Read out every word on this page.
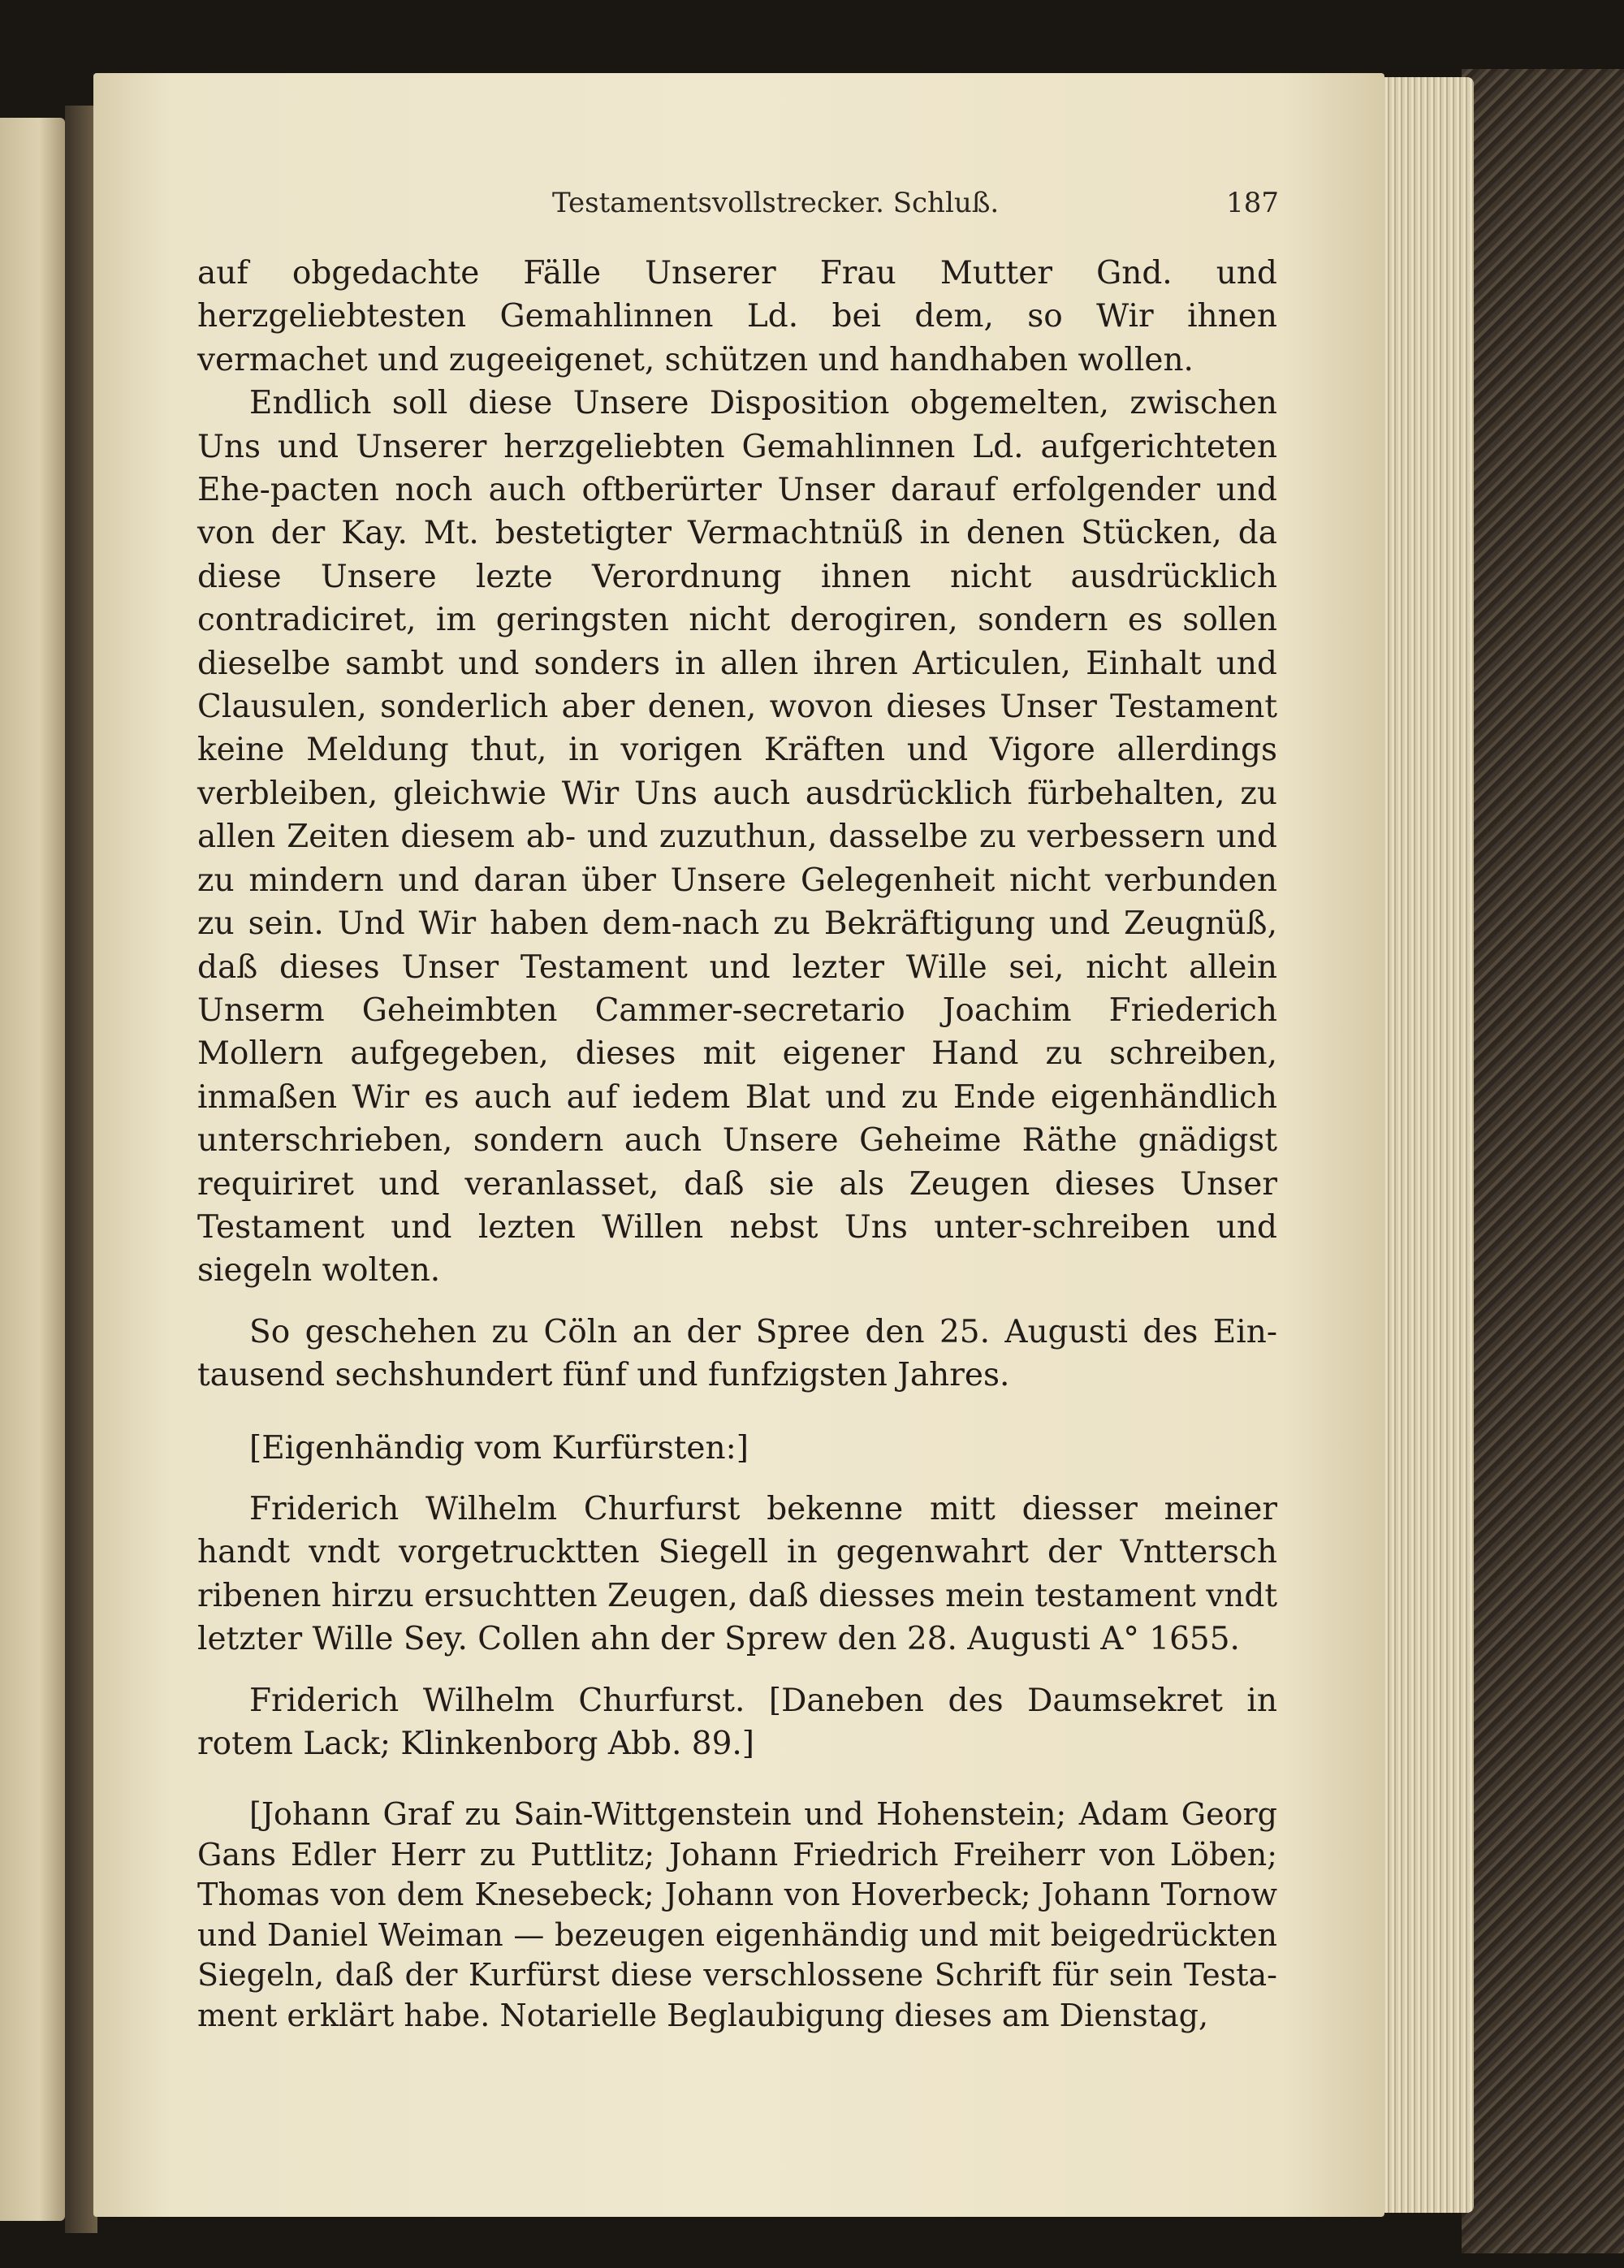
Testamentsvollstrecker. Schluß.	187

auf obgedachte Fälle Unserer Frau Mutter Gnd. und herzgeliebtesten Gemahlinnen Ld. bei dem, so Wir ihnen vermachet und zugeeigenet, schützen und handhaben wollen.

Endlich soll diese Unsere Disposition obgemelten, zwischen Uns und Unserer herzgeliebten Gemahlinnen Ld. aufgerichteten Ehe-pacten noch auch oftberürter Unser darauf erfolgender und von der Kay. Mt. bestetigter Vermachtnüß in denen Stücken, da diese Unsere lezte Verordnung ihnen nicht ausdrücklich contradiciret, im geringsten nicht derogiren, sondern es sollen dieselbe sambt und sonders in allen ihren Articulen, Einhalt und Clausulen, sonderlich aber denen, wovon dieses Unser Testament keine Meldung thut, in vorigen Kräften und Vigore allerdings verbleiben, gleichwie Wir Uns auch ausdrücklich fürbehalten, zu allen Zeiten diesem ab- und zuzuthun, dasselbe zu verbessern und zu mindern und daran über Unsere Gelegenheit nicht verbunden zu sein. Und Wir haben dem-nach zu Bekräftigung und Zeugnüß, daß dieses Unser Testament und lezter Wille sei, nicht allein Unserm Geheimbten Cammer-secretario Joachim Friederich Mollern aufgegeben, dieses mit eigener Hand zu schreiben, inmaßen Wir es auch auf iedem Blat und zu Ende eigenhändlich unterschrieben, sondern auch Unsere Geheime Räthe gnädigst requiriret und veranlasset, daß sie als Zeugen dieses Unser Testament und lezten Willen nebst Uns unter-schreiben und siegeln wolten.

So geschehen zu Cöln an der Spree den 25. Augusti des Ein-tausend sechshundert fünf und funfzigsten Jahres.

[Eigenhändig vom Kurfürsten:]

Friderich Wilhelm Churfurst bekenne mitt diesser meiner handt vndt vorgetrucktten Siegell in gegenwahrt der Vnttersch ribenen hirzu ersuchtten Zeugen, daß diesses mein testament vndt letzter Wille Sey. Collen ahn der Sprew den 28. Augusti A° 1655.

Friderich Wilhelm Churfurst. [Daneben des Daumsekret in rotem Lack; Klinkenborg Abb. 89.]

[Johann Graf zu Sain-Wittgenstein und Hohenstein; Adam Georg Gans Edler Herr zu Puttlitz; Johann Friedrich Freiherr von Löben; Thomas von dem Knesebeck; Johann von Hoverbeck; Johann Tornow und Daniel Weiman — bezeugen eigenhändig und mit beigedrückten Siegeln, daß der Kurfürst diese verschlossene Schrift für sein Testa-ment erklärt habe. Notarielle Beglaubigung dieses am Dienstag,
